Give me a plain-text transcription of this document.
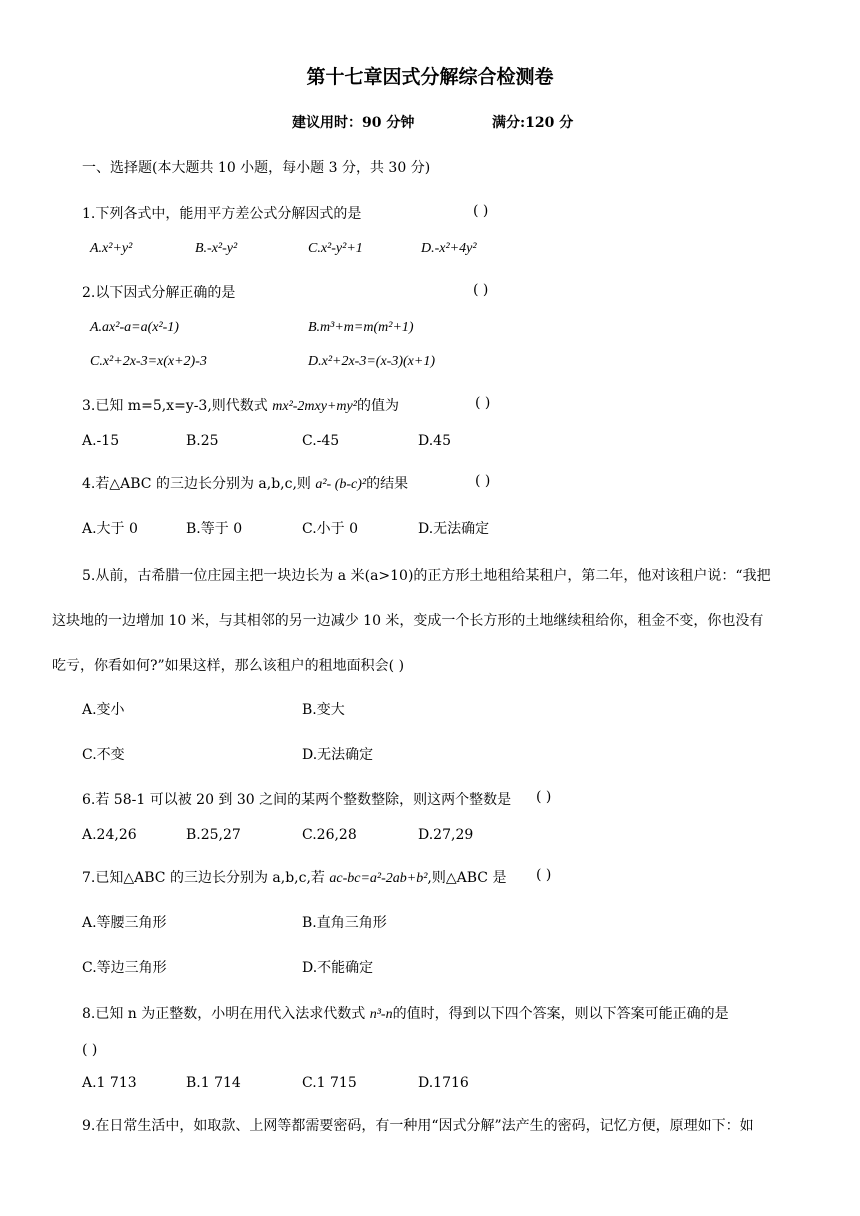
第十七章因式分解综合检测卷
建议用时：90 分钟	满分:120 分
一、选择题(本大题共 10 小题，每小题 3 分，共 30 分)
1.下列各式中，能用平方差公式分解因式的是	( )
A.x²+y²	B.-x²-y²	C.x²-y²+1	D.-x²+4y²
2.以下因式分解正确的是	( )
A.ax²-a=a(x²-1)	B.m³+m=m(m²+1)
C.x²+2x-3=x(x+2)-3	D.x²+2x-3=(x-3)(x+1)
3.已知 m=5,x=y-3,则代数式 mx²-2mxy+my²的值为	( )
A.-15	B.25	C.-45	D.45
4.若△ABC 的三边长分别为 a,b,c,则 a²- (b-c)²的结果	( )
A.大于 0	B.等于 0	C.小于 0	D.无法确定
5.从前，古希腊一位庄园主把一块边长为 a 米(a>10)的正方形土地租给某租户，第二年，他对该租户说：“我把
这块地的一边增加 10 米，与其相邻的另一边减少 10 米，变成一个长方形的土地继续租给你，租金不变，你也没有
吃亏，你看如何?”如果这样，那么该租户的租地面积会( )
A.变小	B.变大
C.不变	D.无法确定
6.若 58-1 可以被 20 到 30 之间的某两个整数整除，则这两个整数是 ( )
A.24,26	B.25,27	C.26,28	D.27,29
7.已知△ABC 的三边长分别为 a,b,c,若 ac-bc=a²-2ab+b²,则△ABC 是 ( )
A.等腰三角形	B.直角三角形
C.等边三角形	D.不能确定
8.已知 n 为正整数，小明在用代入法求代数式 n³-n的值时，得到以下四个答案，则以下答案可能正确的是
( )
A.1 713	B.1 714	C.1 715	D.1716
9.在日常生活中，如取款、上网等都需要密码，有一种用“因式分解”法产生的密码，记忆方便，原理如下：如
